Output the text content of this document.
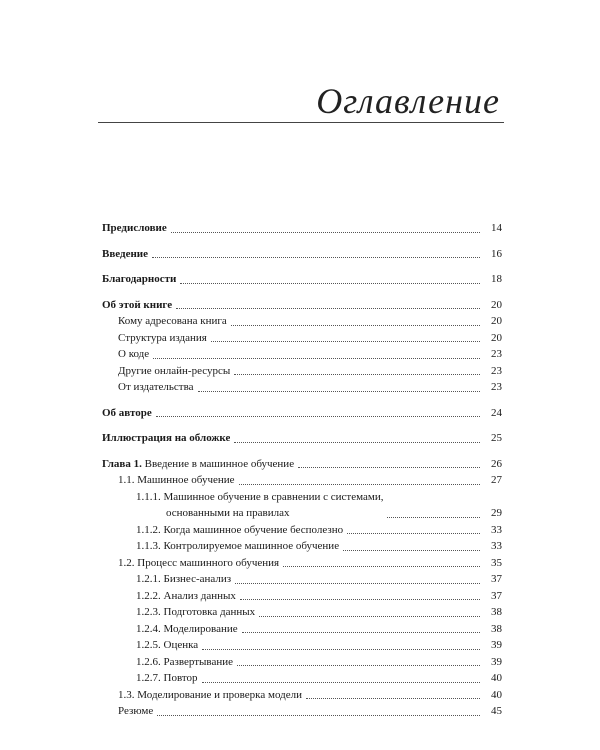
Оглавление
Предисловие	14
Введение	16
Благодарности	18
Об этой книге	20
Кому адресована книга	20
Структура издания	20
О коде	23
Другие онлайн-ресурсы	23
От издательства	23
Об авторе	24
Иллюстрация на обложке	25
Глава 1. Введение в машинное обучение	26
1.1. Машинное обучение	27
1.1.1. Машинное обучение в сравнении с системами,
основанными на правилах	29
1.1.2. Когда машинное обучение бесполезно	33
1.1.3. Контролируемое машинное обучение	33
1.2. Процесс машинного обучения	35
1.2.1. Бизнес-анализ	37
1.2.2. Анализ данных	37
1.2.3. Подготовка данных	38
1.2.4. Моделирование	38
1.2.5. Оценка	39
1.2.6. Развертывание	39
1.2.7. Повтор	40
1.3. Моделирование и проверка модели	40
Резюме	45
